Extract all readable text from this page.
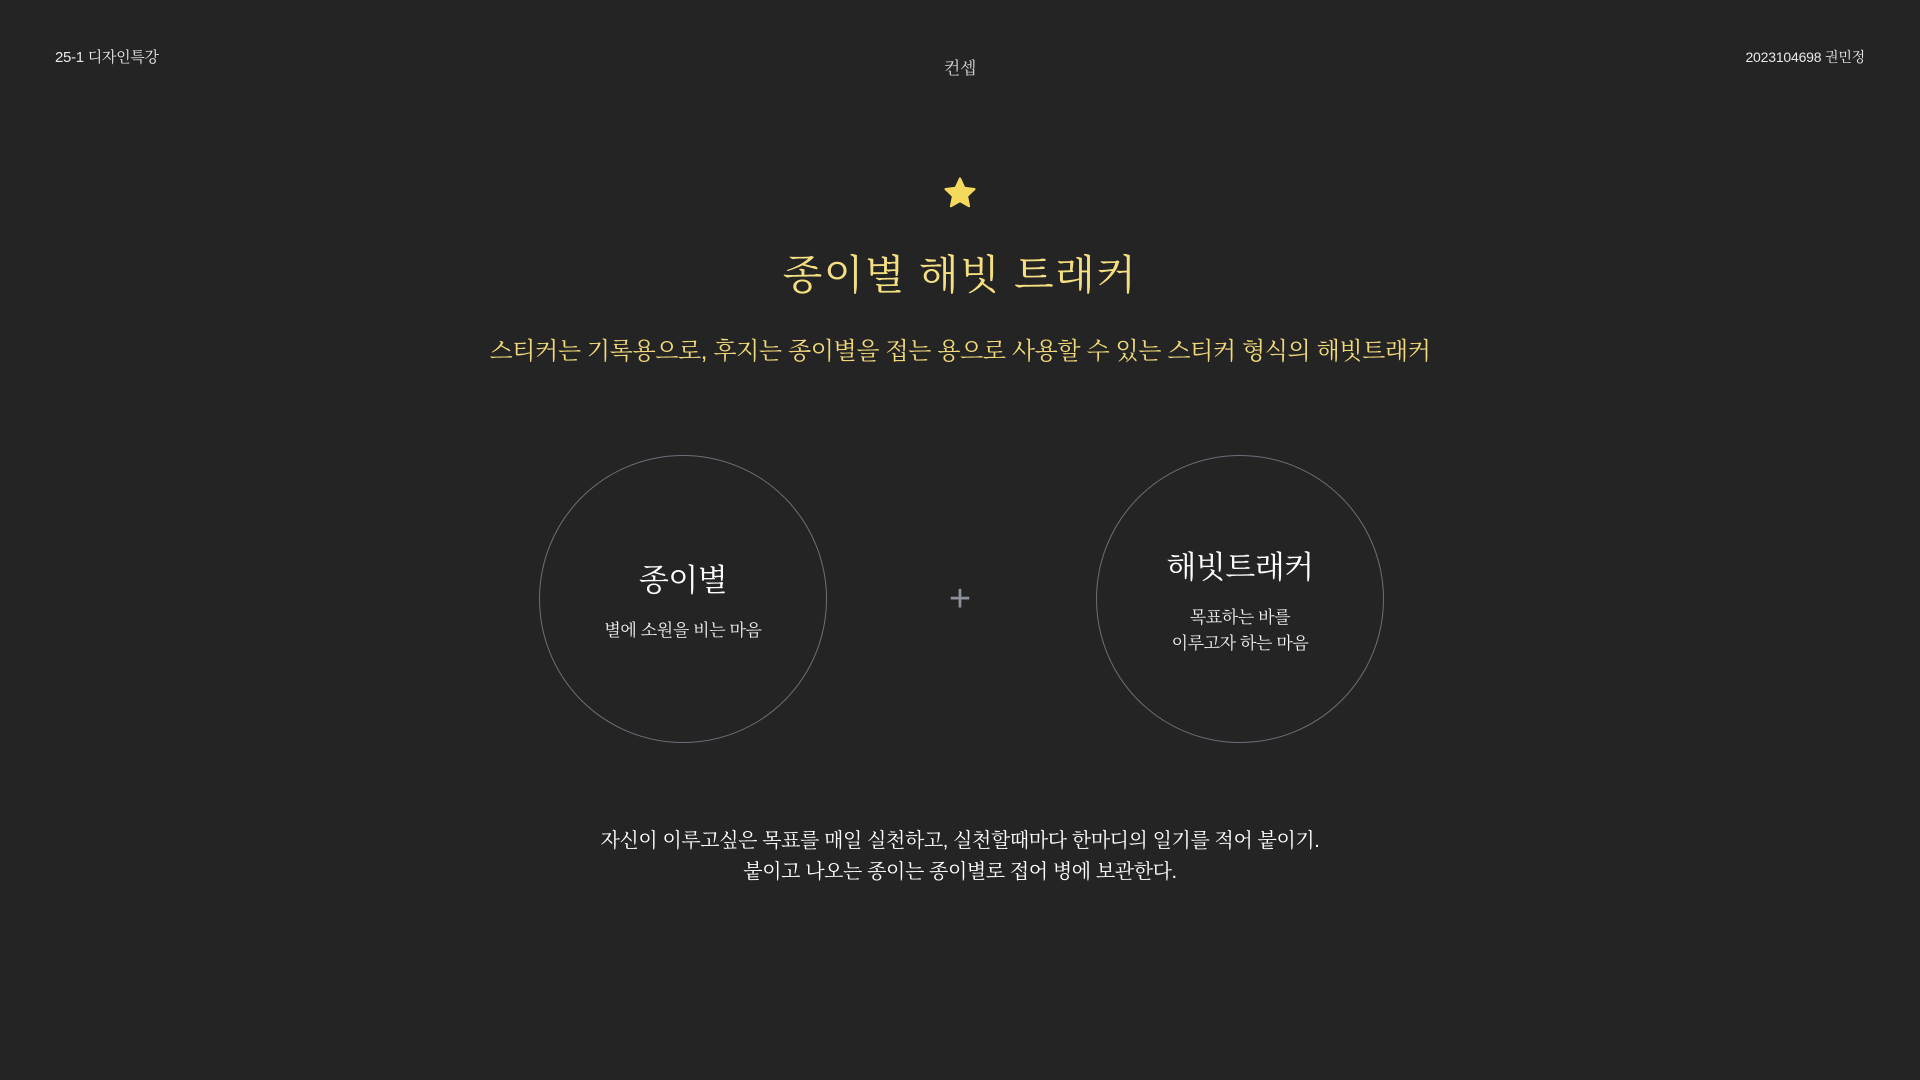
25-1 디자인특강
컨셉
2023104698 권민정
종이별 해빗 트래커

스티커는 기록용으로, 후지는 종이별을 접는 용으로 사용할 수 있는 스티커 형식의 해빗트래커

종이별
별에 소원을 비는 마음
+
해빗트래커
목표하는 바를
이루고자 하는 마음
자신이 이루고싶은 목표를 매일 실천하고, 실천할때마다 한마디의 일기를 적어 붙이기.
붙이고 나오는 종이는 종이별로 접어 병에 보관한다.
